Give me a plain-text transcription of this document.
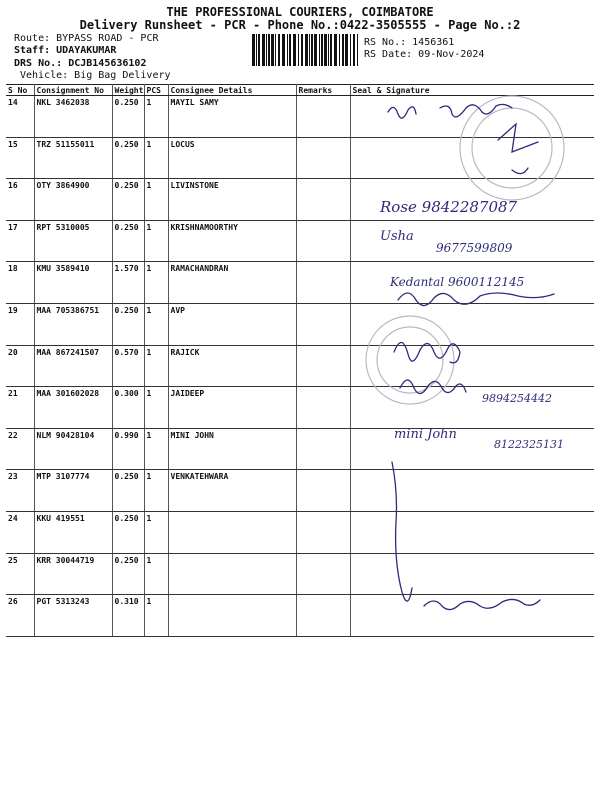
THE PROFESSIONAL COURIERS, COIMBATORE
Delivery Runsheet - PCR - Phone No.:0422-3505555 - Page No.:2
Route: BYPASS ROAD - PCR
Staff: UDAYAKUMAR
DRS No.: DCJB145636102
Vehicle: Big Bag Delivery
RS No.: 1456361
RS Date: 09-Nov-2024
S No	Consignment No	Weight	PCS	Consignee Details	Remarks	Seal & Signature
14	NKL 3462038	0.250	1	MAYIL SAMY		
15	TRZ 51155011	0.250	1	LOCUS		
16	OTY 3864900	0.250	1	LIVINSTONE		
17	RPT 5310005	0.250	1	KRISHNAMOORTHY		
18	KMU 3589410	1.570	1	RAMACHANDRAN		
19	MAA 705386751	0.250	1	AVP		
20	MAA 867241507	0.570	1	RAJICK		
21	MAA 301602028	0.300	1	JAIDEEP		
22	NLM 90428104	0.990	1	MINI JOHN		
23	MTP 3107774	0.250	1	VENKATEHWARA		
24	KKU 419551	0.250	1			
25	KRR 30044719	0.250	1			
26	PGT 5313243	0.310	1			
Rose 9842287087
Usha
9677599809
Kedantal 9600112145
9894254442
mini John
8122325131
